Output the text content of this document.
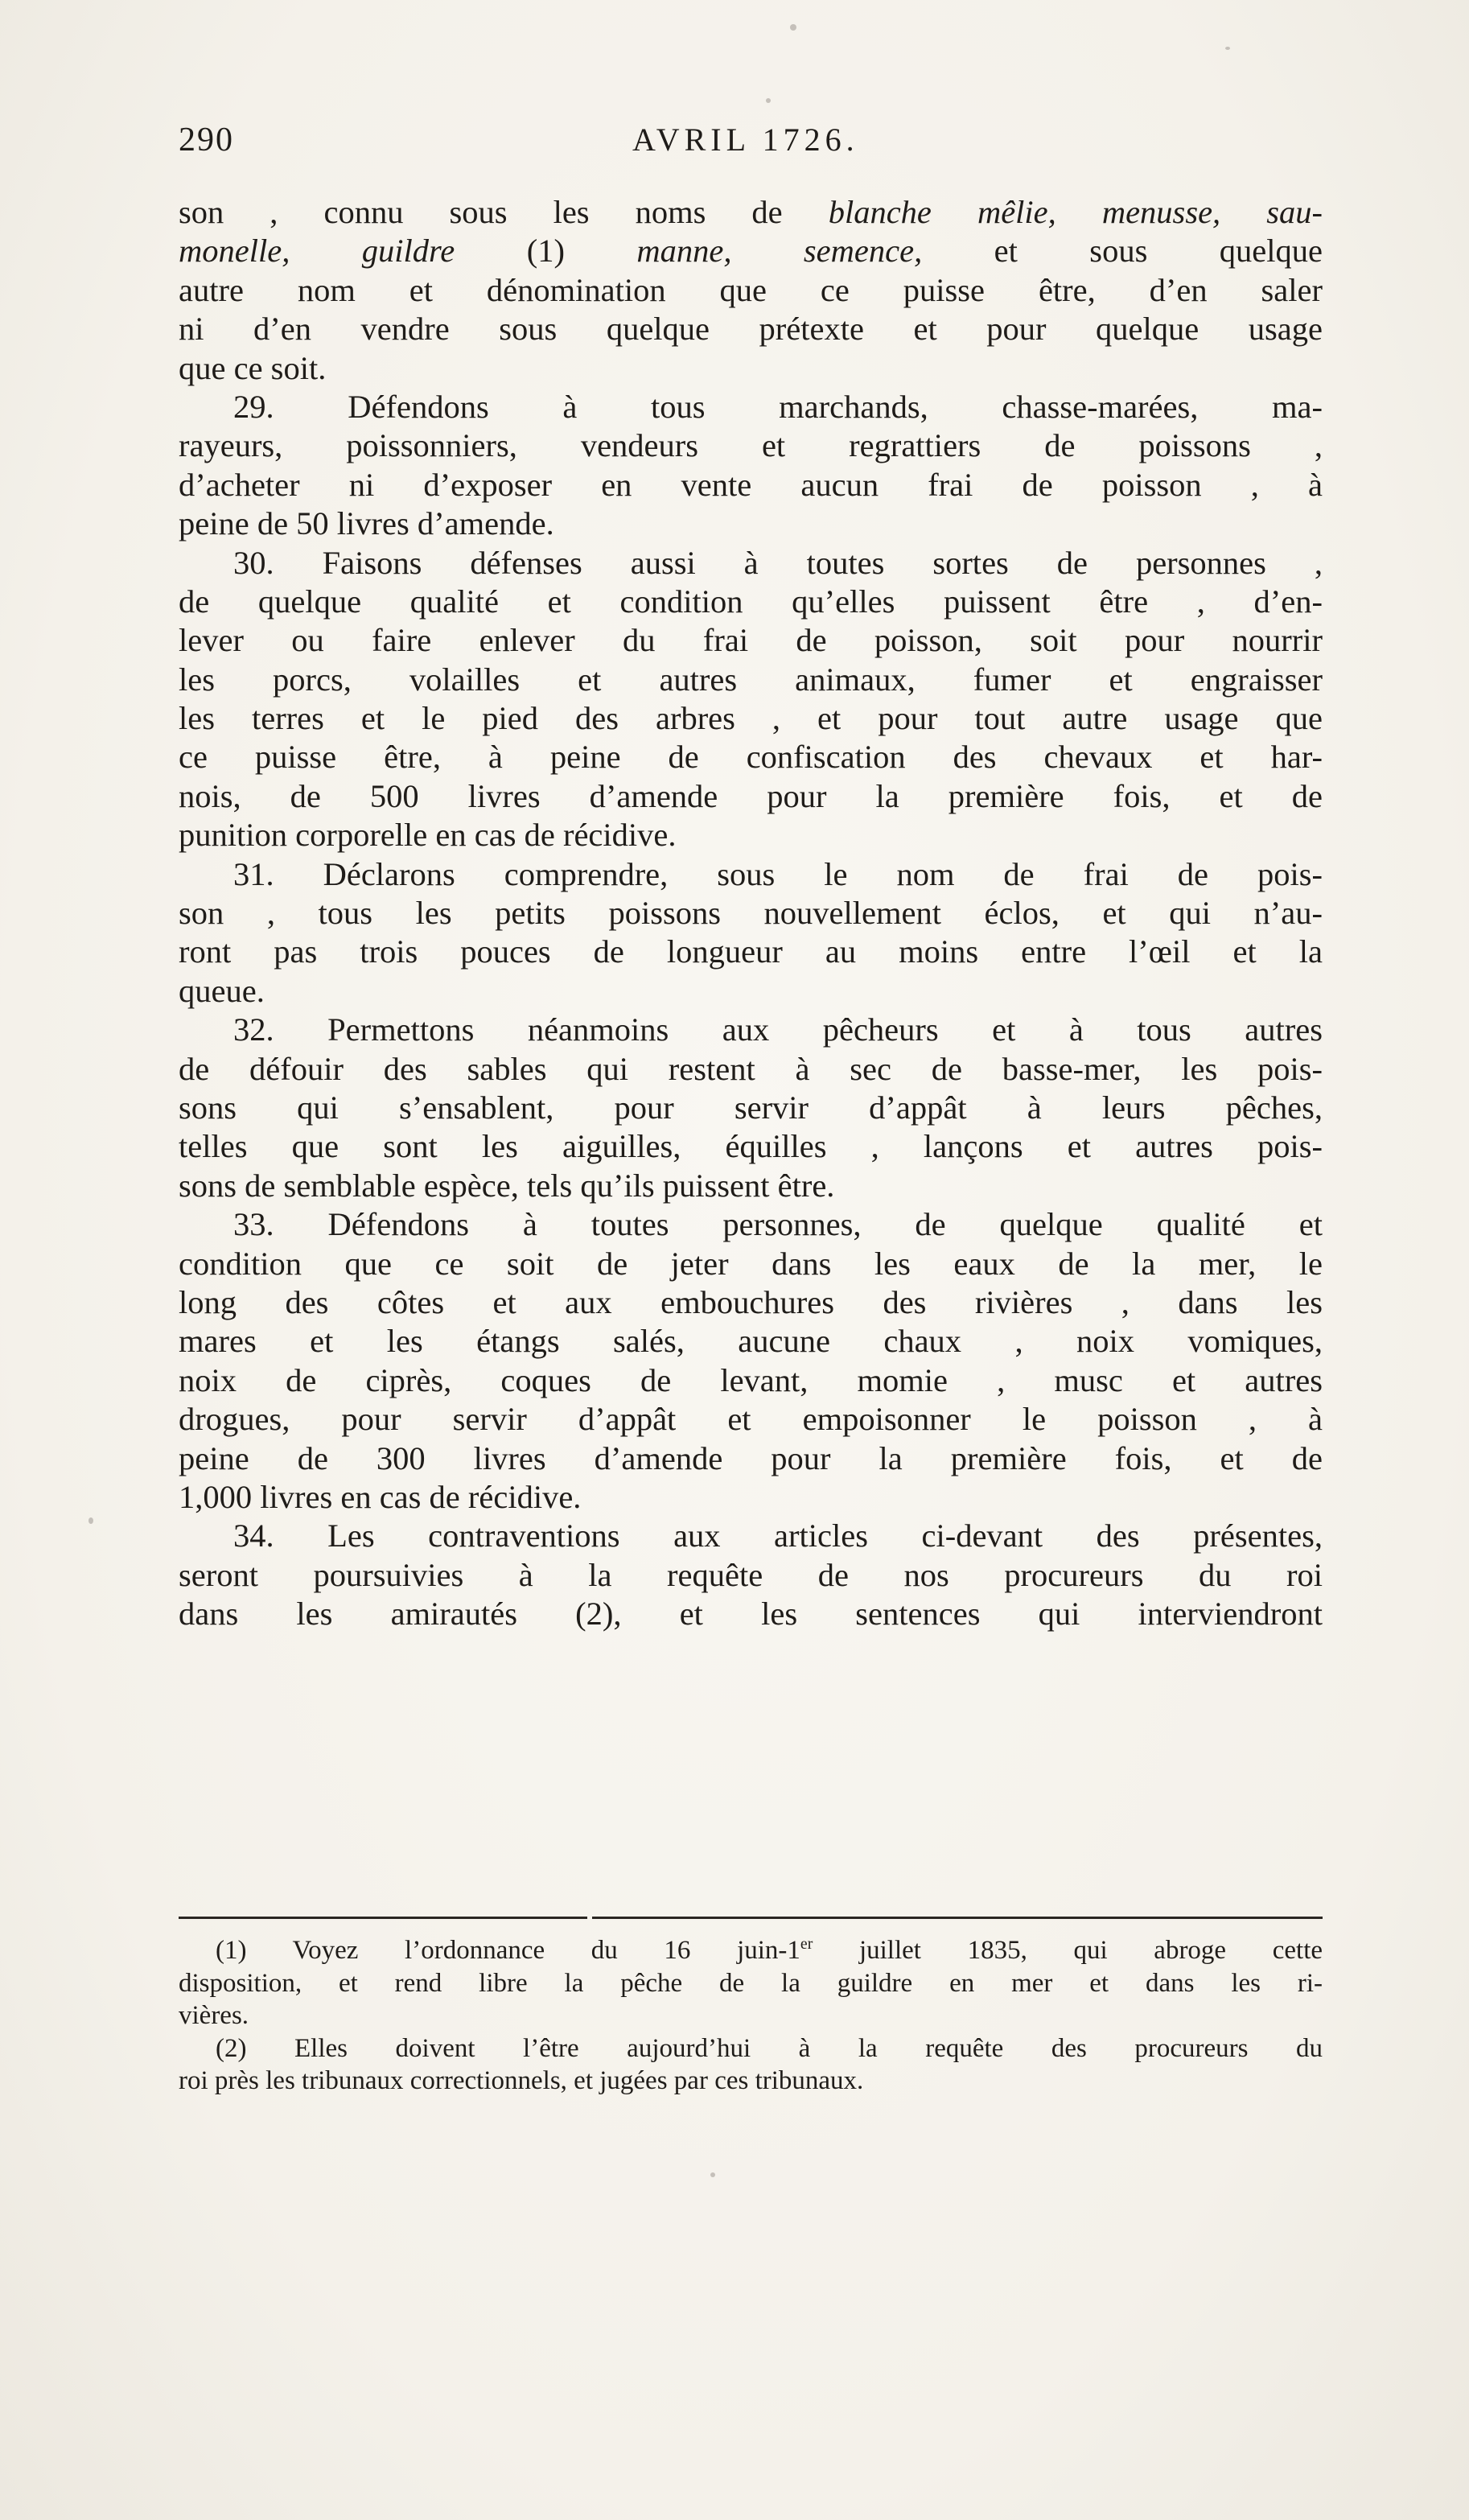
290	AVRIL 1726.
son , connu sous les noms de blanche mêlie, menusse, sau-
monelle, guildre (1) manne, semence, et sous quelque
autre nom et dénomination que ce puisse être, d’en saler
ni d’en vendre sous quelque prétexte et pour quelque usage
que ce soit.
29. Défendons à tous marchands, chasse-marées, ma-
rayeurs, poissonniers, vendeurs et regrattiers de poissons ,
d’acheter ni d’exposer en vente aucun frai de poisson , à
peine de 50 livres d’amende.
30. Faisons défenses aussi à toutes sortes de personnes ,
de quelque qualité et condition qu’elles puissent être , d’en-
lever ou faire enlever du frai de poisson, soit pour nourrir
les porcs, volailles et autres animaux, fumer et engraisser
les terres et le pied des arbres , et pour tout autre usage que
ce puisse être, à peine de confiscation des chevaux et har-
nois, de 500 livres d’amende pour la première fois, et de
punition corporelle en cas de récidive.
31. Déclarons comprendre, sous le nom de frai de pois-
son , tous les petits poissons nouvellement éclos, et qui n’au-
ront pas trois pouces de longueur au moins entre l’œil et la
queue.
32. Permettons néanmoins aux pêcheurs et à tous autres
de défouir des sables qui restent à sec de basse-mer, les pois-
sons qui s’ensablent, pour servir d’appât à leurs pêches,
telles que sont les aiguilles, équilles , lançons et autres pois-
sons de semblable espèce, tels qu’ils puissent être.
33. Défendons à toutes personnes, de quelque qualité et
condition que ce soit de jeter dans les eaux de la mer, le
long des côtes et aux embouchures des rivières , dans les
mares et les étangs salés, aucune chaux , noix vomiques,
noix de ciprès, coques de levant, momie , musc et autres
drogues, pour servir d’appât et empoisonner le poisson , à
peine de 300 livres d’amende pour la première fois, et de
1,000 livres en cas de récidive.
34. Les contraventions aux articles ci-devant des présentes,
seront poursuivies à la requête de nos procureurs du roi
dans les amirautés (2), et les sentences qui interviendront
(1) Voyez l’ordonnance du 16 juin-1er juillet 1835, qui abroge cette
disposition, et rend libre la pêche de la guildre en mer et dans les ri-
vières.
(2) Elles doivent l’être aujourd’hui à la requête des procureurs du
roi près les tribunaux correctionnels, et jugées par ces tribunaux.
